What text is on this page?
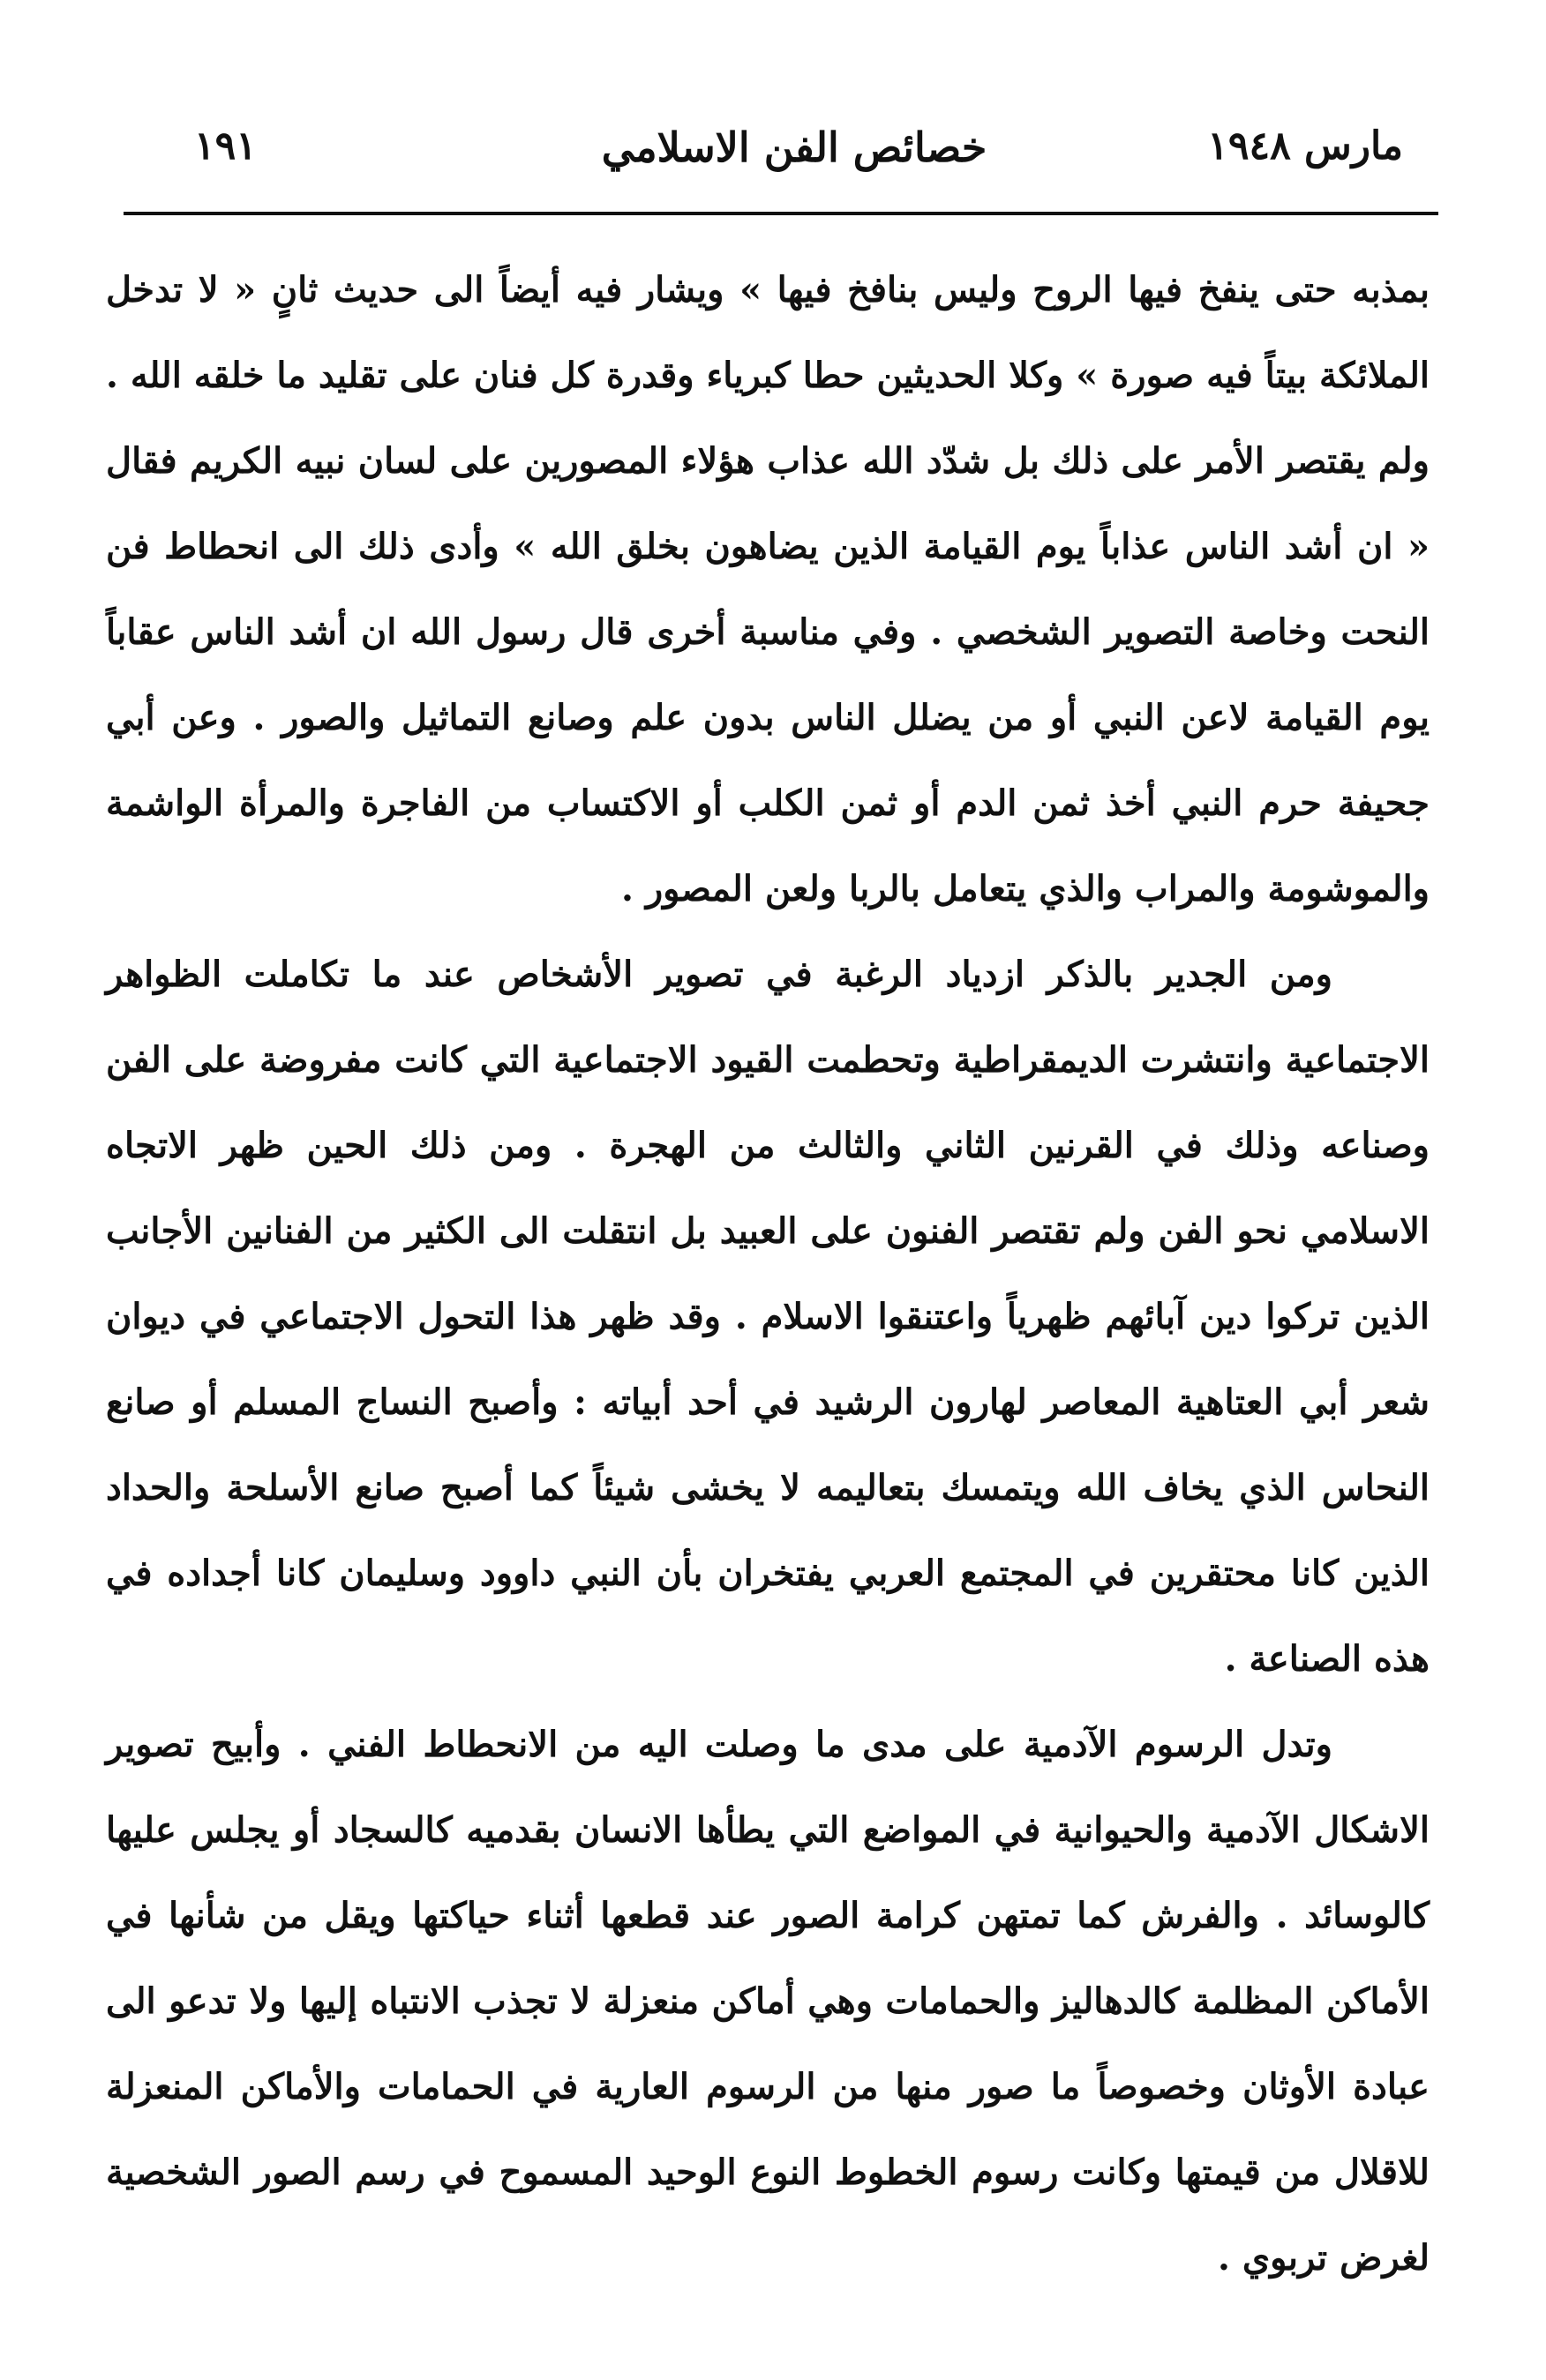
١٩١	خصائص الفن الاسلامي	مارس ١٩٤٨

بمذبه حتى ينفخ فيها الروح وليس بنافخ فيها » ويشار فيه أيضاً الى حديث ثانٍ « لا تدخل الملائكة بيتاً فيه صورة » وكلا الحديثين حطا كبرياء وقدرة كل فنان على تقليد ما خلقه الله . ولم يقتصر الأمر على ذلك بل شدّد الله عذاب هؤلاء المصورين على لسان نبيه الكريم فقال « ان أشد الناس عذاباً يوم القيامة الذين يضاهون بخلق الله » وأدى ذلك الى انحطاط فن النحت وخاصة التصوير الشخصي . وفي مناسبة أخرى قال رسول الله ان أشد الناس عقاباً يوم القيامة لاعن النبي أو من يضلل الناس بدون علم وصانع التماثيل والصور . وعن أبي جحيفة حرم النبي أخذ ثمن الدم أو ثمن الكلب أو الاكتساب من الفاجرة والمرأة الواشمة والموشومة والمراب والذي يتعامل بالربا ولعن المصور .

ومن الجدير بالذكر ازدياد الرغبة في تصوير الأشخاص عند ما تكاملت الظواهر الاجتماعية وانتشرت الديمقراطية وتحطمت القيود الاجتماعية التي كانت مفروضة على الفن وصناعه وذلك في القرنين الثاني والثالث من الهجرة . ومن ذلك الحين ظهر الاتجاه الاسلامي نحو الفن ولم تقتصر الفنون على العبيد بل انتقلت الى الكثير من الفنانين الأجانب الذين تركوا دين آبائهم ظهرياً واعتنقوا الاسلام . وقد ظهر هذا التحول الاجتماعي في ديوان شعر أبي العتاهية المعاصر لهارون الرشيد في أحد أبياته : وأصبح النساج المسلم أو صانع النحاس الذي يخاف الله ويتمسك بتعاليمه لا يخشى شيئاً كما أصبح صانع الأسلحة والحداد الذين كانا محتقرين في المجتمع العربي يفتخران بأن النبي داوود وسليمان كانا أجداده في هذه الصناعة .

وتدل الرسوم الآدمية على مدى ما وصلت اليه من الانحطاط الفني . وأبيح تصوير الاشكال الآدمية والحيوانية في المواضع التي يطأها الانسان بقدميه كالسجاد أو يجلس عليها كالوسائد . والفرش كما تمتهن كرامة الصور عند قطعها أثناء حياكتها ويقل من شأنها في الأماكن المظلمة كالدهاليز والحمامات وهي أماكن منعزلة لا تجذب الانتباه إليها ولا تدعو الى عبادة الأوثان وخصوصاً ما صور منها من الرسوم العارية في الحمامات والأماكن المنعزلة للاقلال من قيمتها وكانت رسوم الخطوط النوع الوحيد المسموح في رسم الصور الشخصية لغرض تربوي .
